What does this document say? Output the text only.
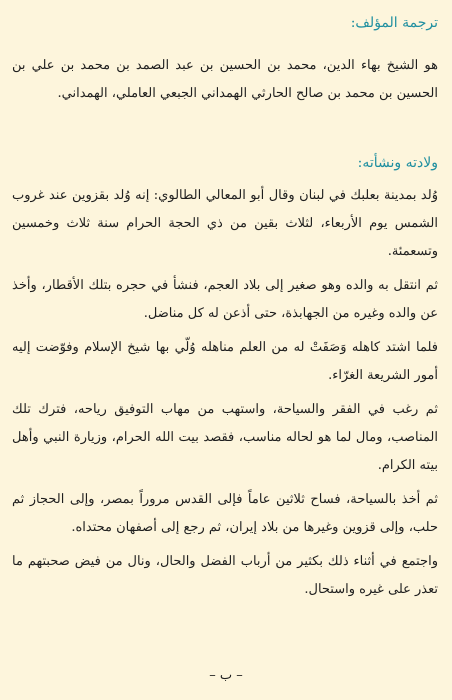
ترجمة المؤلف:

هو الشيخ بهاء الدين، محمد بن الحسين بن عبد الصمد بن محمد بن علي بن الحسين بن محمد بن صالح الحارثي الهمداني الجبعي العاملي، الهمداني.

ولادته ونشأته:

وُلد بمدينة بعلبك في لبنان وقال أبو المعالي الطالوي: إنه وُلد بقزوين عند غروب الشمس يوم الأربعاء، لثلاث بقين من ذي الحجة الحرام سنة ثلاث وخمسين وتسعمئة.

ثم انتقل به والده وهو صغير إلى بلاد العجم، فنشأ في حجره بتلك الأقطار، وأخذ عن والده وغيره من الجهابذة، حتى أذعن له كل مناضل.

فلما اشتد كاهله وَصَفَتْ له من العلم مناهله وُلّي بها شيخ الإسلام وفوّضت إليه أمور الشريعة الغرّاء.

ثم رغب في الفقر والسياحة، واستهب من مهاب التوفيق رياحه، فترك تلك المناصب، ومال لما هو لحاله مناسب، فقصد بيت الله الحرام، وزيارة النبي وأهل بيته الكرام.

ثم أخذ بالسياحة، فساح ثلاثين عاماً فإلى القدس مروراً بمصر، وإلى الحجاز ثم حلب، وإلى قزوين وغيرها من بلاد إيران، ثم رجع إلى أصفهان محتداه.

واجتمع في أثناء ذلك بكثير من أرباب الفضل والحال، ونال من فيض صحبتهم ما تعذر على غيره واستحال.

– ب –
